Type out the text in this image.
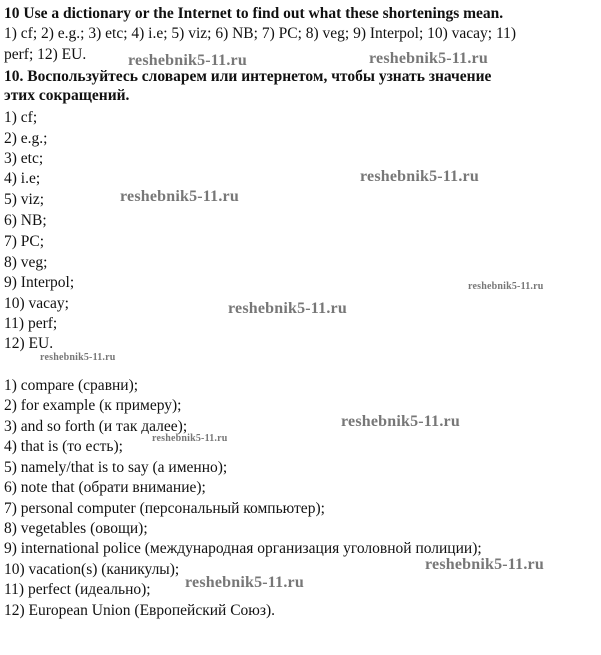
10 Use a dictionary or the Internet to find out what these shortenings mean.
1) cf; 2) e.g.; 3) etc; 4) i.e; 5) viz; 6) NB; 7) PC; 8) veg; 9) Interpol; 10) vacay; 11)
perf; 12) EU.
10. Воспользуйтесь словарем или интернетом, чтобы узнать значение
этих сокращений.
1) cf;
2) e.g.;
3) etc;
4) i.e;
5) viz;
6) NB;
7) PC;
8) veg;
9) Interpol;
10) vacay;
11) perf;
12) EU.
1) compare (сравни);
2) for example (к примеру);
3) and so forth (и так далее);
4) that is (то есть);
5) namely/that is to say (а именно);
6) note that (обрати внимание);
7) personal computer (персональный компьютер);
8) vegetables (овощи);
9) international police (международная организация уголовной полиции);
10) vacation(s) (каникулы);
11) perfect (идеально);
12) European Union (Европейский Союз).
reshebnik5-11.ru	reshebnik5-11.ru
reshebnik5-11.ru
reshebnik5-11.ru
reshebnik5-11.ru
reshebnik5-11.ru
reshebnik5-11.ru
reshebnik5-11.ru
reshebnik5-11.ru
reshebnik5-11.ru
reshebnik5-11.ru
